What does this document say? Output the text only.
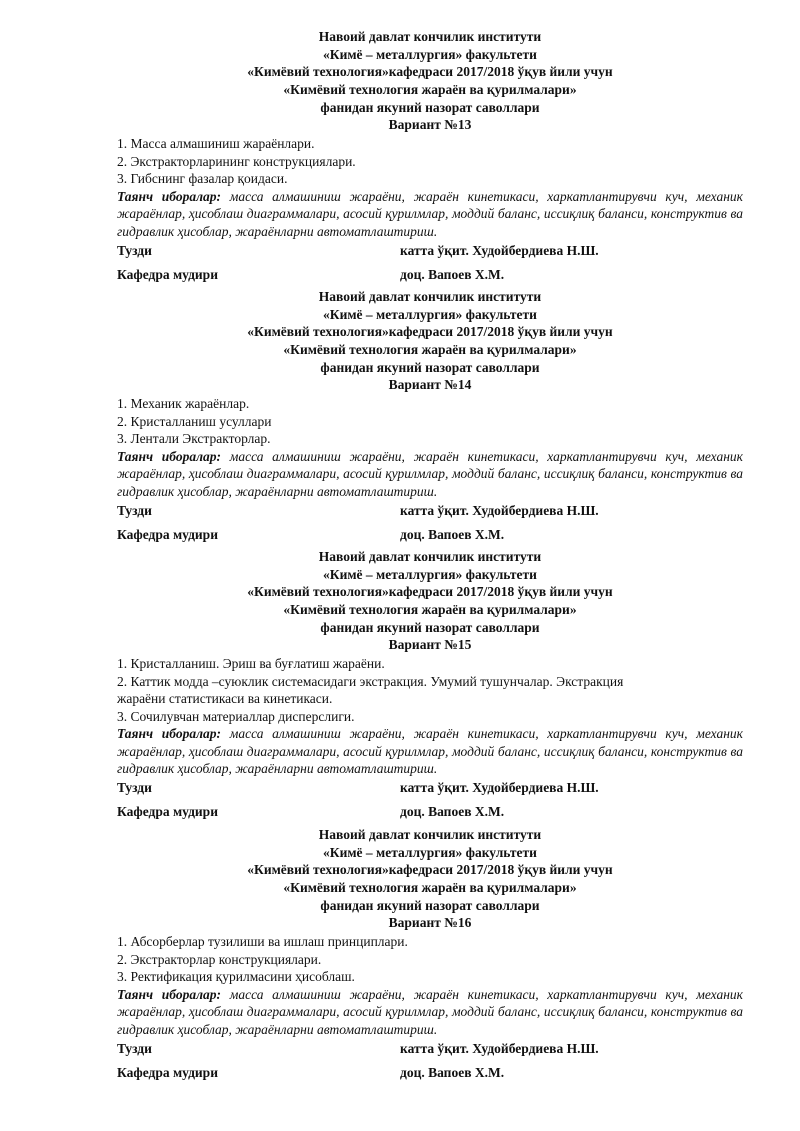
Навоий давлат кончилик институти
«Кимё – металлургия» факультети
«Кимёвий технология»кафедраси 2017/2018 ўқув йили учун
«Кимёвий технология жараён ва қурилмалари»
фанидан якуний назорат саволлари
Вариант №13

1. Масса алмашиниш жараёнлари.

2. Экстракторларининг конструкциялари.

3. Гибснинг фазалар қоидаси.

Таянч иборалар: масса алмашиниш жараёни, жараён кинетикаси, харкатлантирувчи куч, механик жараёнлар, ҳисоблаш диаграммалари, асосий қурилмлар, моддий баланс, иссиқлиқ баланси, конструктив ва гидравлик ҳисоблар, жараёнларни автоматлаштириш.

Тузди	катта ўқит. Худойбердиева Н.Ш.
Кафедра мудири	доц. Вапоев Х.М.
Навоий давлат кончилик институти
«Кимё – металлургия» факультети
«Кимёвий технология»кафедраси 2017/2018 ўқув йили учун
«Кимёвий технология жараён ва қурилмалари»
фанидан якуний назорат саволлари
Вариант №14

1. Механик жараёнлар.

2. Кристалланиш усуллари

3. Лентали Экстракторлар.

Таянч иборалар: масса алмашиниш жараёни, жараён кинетикаси, харкатлантирувчи куч, механик жараёнлар, ҳисоблаш диаграммалари, асосий қурилмлар, моддий баланс, иссиқлиқ баланси, конструктив ва гидравлик ҳисоблар, жараёнларни автоматлаштириш.

Тузди	катта ўқит. Худойбердиева Н.Ш.
Кафедра мудири	доц. Вапоев Х.М.
Навоий давлат кончилик институти
«Кимё – металлургия» факультети
«Кимёвий технология»кафедраси 2017/2018 ўқув йили учун
«Кимёвий технология жараён ва қурилмалари»
фанидан якуний назорат саволлари
Вариант №15

1. Кристалланиш. Эриш ва буғлатиш жараёни.

2. Каттик модда –суюклик системасидаги экстракция. Умумий тушунчалар. Экстракция жараёни статистикаси ва кинетикаси.

3. Сочилувчан материаллар дисперслиги.

Таянч иборалар: масса алмашиниш жараёни, жараён кинетикаси, харкатлантирувчи куч, механик жараёнлар, ҳисоблаш диаграммалари, асосий қурилмлар, моддий баланс, иссиқлиқ баланси, конструктив ва гидравлик ҳисоблар, жараёнларни автоматлаштириш.

Тузди	катта ўқит. Худойбердиева Н.Ш.
Кафедра мудири	доц. Вапоев Х.М.
Навоий давлат кончилик институти
«Кимё – металлургия» факультети
«Кимёвий технология»кафедраси 2017/2018 ўқув йили учун
«Кимёвий технология жараён ва қурилмалари»
фанидан якуний назорат саволлари
Вариант №16

1. Абсорберлар тузилиши ва ишлаш принциплари.

2. Экстракторлар конструкциялари.

3. Ректификация қурилмасини ҳисоблаш.

Таянч иборалар: масса алмашиниш жараёни, жараён кинетикаси, харкатлантирувчи куч, механик жараёнлар, ҳисоблаш диаграммалари, асосий қурилмлар, моддий баланс, иссиқлиқ баланси, конструктив ва гидравлик ҳисоблар, жараёнларни автоматлаштириш.

Тузди	катта ўқит. Худойбердиева Н.Ш.
Кафедра мудири	доц. Вапоев Х.М.
